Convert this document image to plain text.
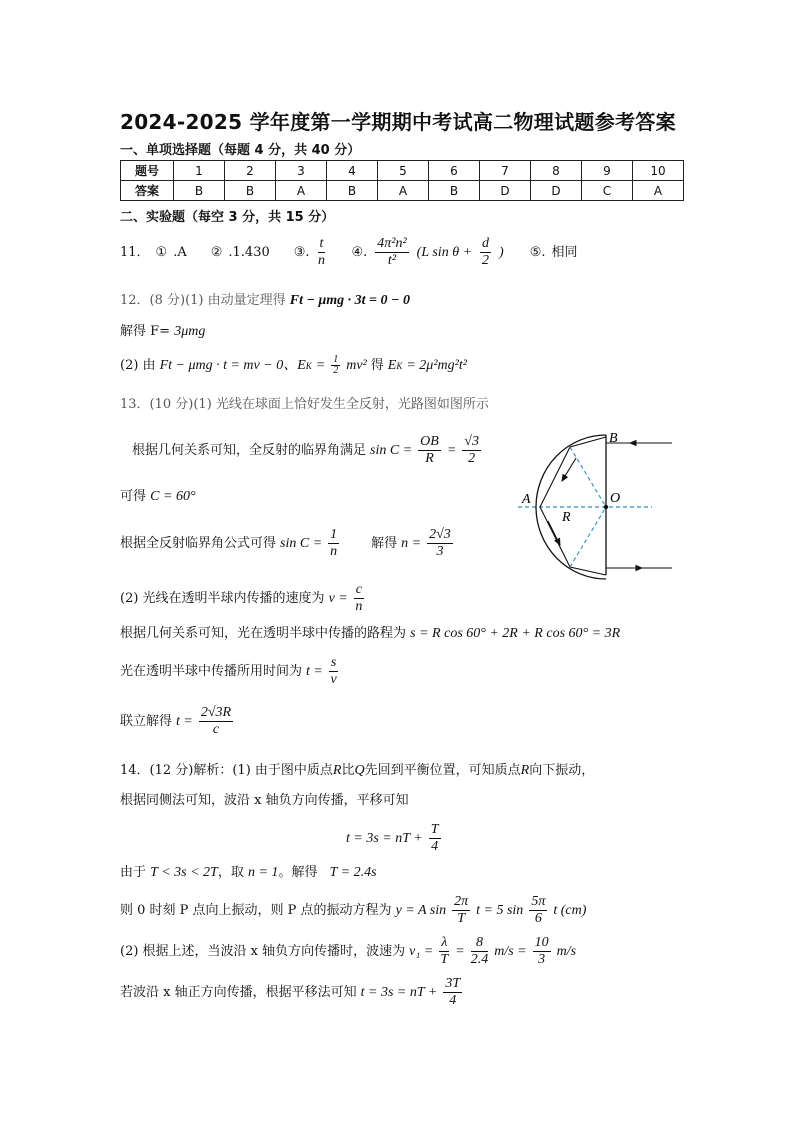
2024-2025 学年度第一学期期中考试高二物理试题参考答案
一、单项选择题（每题 4 分，共 40 分）
题号	1	2	3	4	5	6	7	8	9	10
答案	B	B	A	B	A	B	D	D	C	A
二、实验题（每空 3 分，共 15 分）
11． ① .A ② .1.430 ③. $\frac{t}{n}$ ④. $\frac{\text{4π²n²}}{\text{t²}} (L$ $\sin \theta + \frac{d}{2}$ ) ⑤. 相同
12．(8 分)(1) 由动量定理得 Ft − μmg · 3t = 0 − 0
解得 F= 3μmg
(2) 由 Ft − μmg · t = mv − 0、E $K = \frac{1}{2} mv^2$ 得 E K = 2μ²mg²t²
13．(10 分)(1) 光线在球面上恰好发生全反射，光路图如图所示
根据几何关系可知，全反射的临界角满足 $\sin C = \frac{OB}{R} = \frac{√3}{2}$
可得 C = 60°
根据全反射临界角公式可得 $\sin C = \frac{1}{n}$ 解得 $n = \frac{2√3}{3}$
(2) 光线在透明半球内传播的速度为 $v = \frac{c}{n}$
根据几何关系可知，光在透明半球中传播的路程为 s = R cos 60° + 2R + R cos 60° = 3R
光在透明半球中传播所用时间为 $t = \frac{s}{v}$
联立解得 $t = \frac{2√3R}{c}$
B
A	O
R
14．(12 分)解析：(1) 由于图中质点R比Q先回到平衡位置，可知质点R向下振动，
根据同侧法可知，波沿 x 轴负方向传播，平移可知
t = 3s = nT + $\frac{T}{4}$
由于 T < 3s < 2T，取 n = 1。解得 T = 2.4s
则 0 时刻 P 点向上振动，则 P 点的振动方程为 y = A $\sin \frac{2\pi}{T}$ t = 5 $\sin \frac{5\pi}{6}$ t (cm)
(2) 根据上述，当波沿 x 轴负方向传播时，波速为 $v_1 = \frac{\lambda}{T} = \frac{8}{2.4} m/s = \frac{10}{3} m/s$
若波沿 x 轴正方向传播，根据平移法可知 t = 3s = nT + $\frac{3T}{4}$
